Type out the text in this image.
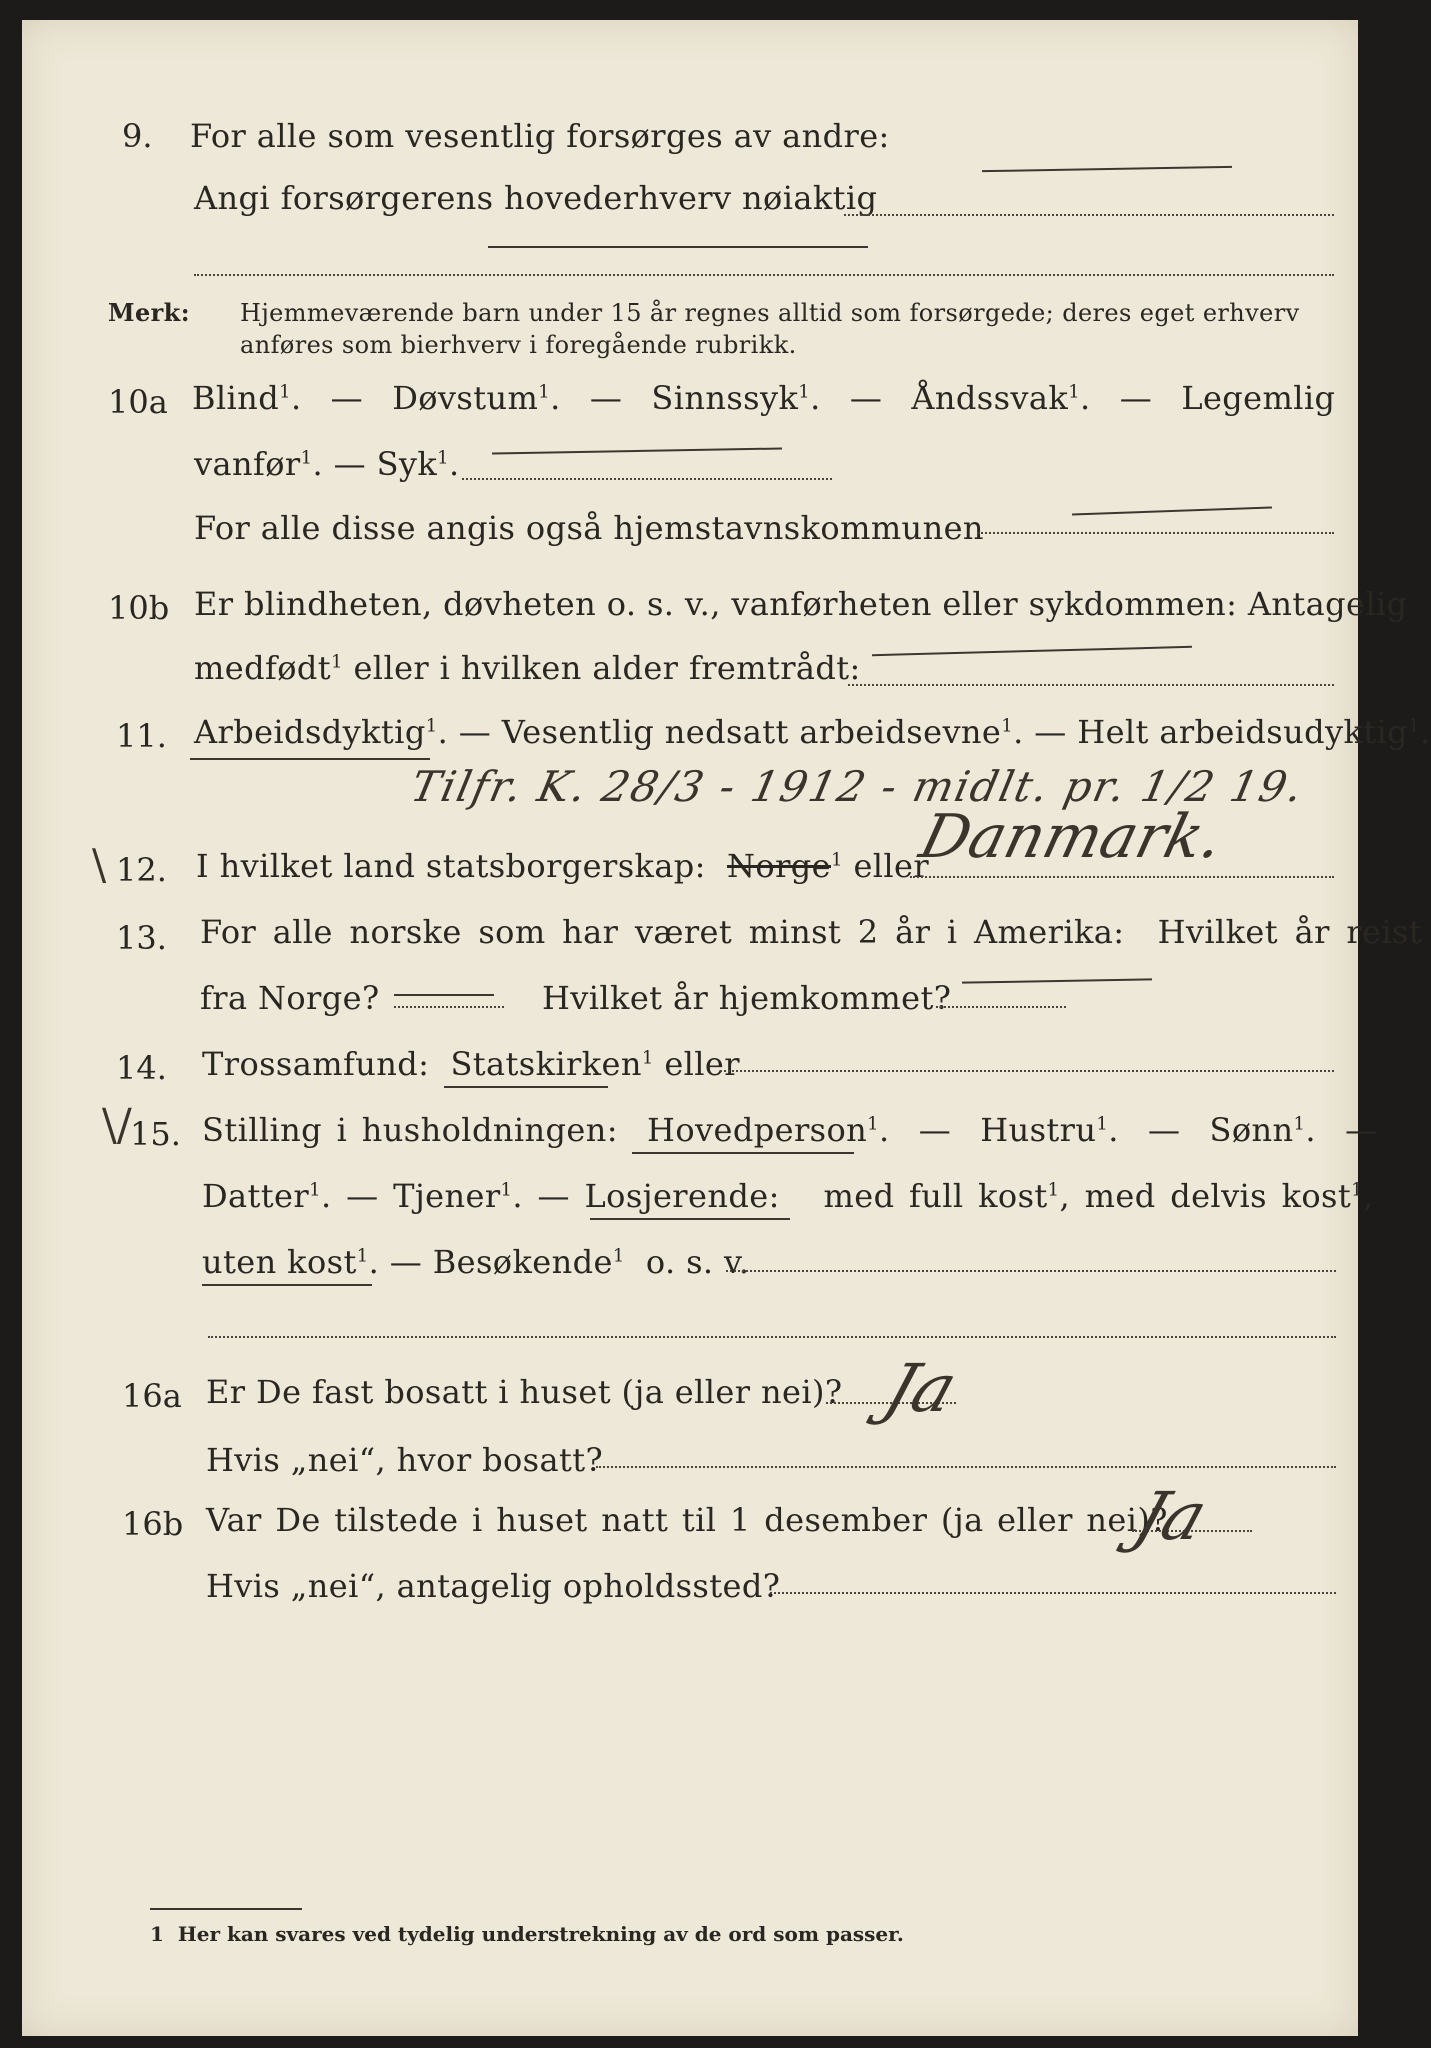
9. For alle som vesentlig forsørges av andre:
Angi forsørgerens hovederhverv nøiaktig
Merk: Hjemmeværende barn under 15 år regnes alltid som forsørgede; deres eget erhverv
anføres som bierhverv i foregående rubrikk.
10a Blind$^1$.  —  Døvstum$^1$.  —  Sinnssyk$^1$.  —  Åndssvak$^1$.  —  Legemlig
vanfør$^1$. — Syk$^1$.
For alle disse angis også hjemstavnskommunen
10b Er blindheten, døvheten o. s. v., vanførheten eller sykdommen: Antagelig
medfødt$^1$ eller i hvilken alder fremtrådt:
11. Arbeidsdyktig$^1$. — Vesentlig nedsatt arbeidsevne$^1$. — Helt arbeidsudyktig$^1$.
Tilfr. K. 28/3 - 1912 - midlt. pr. 1/2 19.
\ 12. I hvilket land statsborgerskap: Norge$^1$ eller
Danmark.
13. For alle norske som har været minst 2 år i Amerika: Hvilket år reist
fra Norge?	Hvilket år hjemkommet?
14. Trossamfund: Statskirken$^1$ eller
\/
15. Stilling i husholdningen: Hovedperson$^1$.  —  Hustru$^1$.  —  Sønn$^1$.  —
Datter$^1$. — Tjener$^1$. — Losjerende: med full kost$^1$, med delvis kost$^1$,
uten kost$^1$. — Besøkende$^1$ o. s. v.
16a Er De fast bosatt i huset (ja eller nei)? Ja
Hvis „nei“, hvor bosatt?
16b Var De tilstede i huset natt til 1 desember (ja eller nei)?
Ja
Hvis „nei“, antagelig opholdssted?
1 Her kan svares ved tydelig understrekning av de ord som passer.
